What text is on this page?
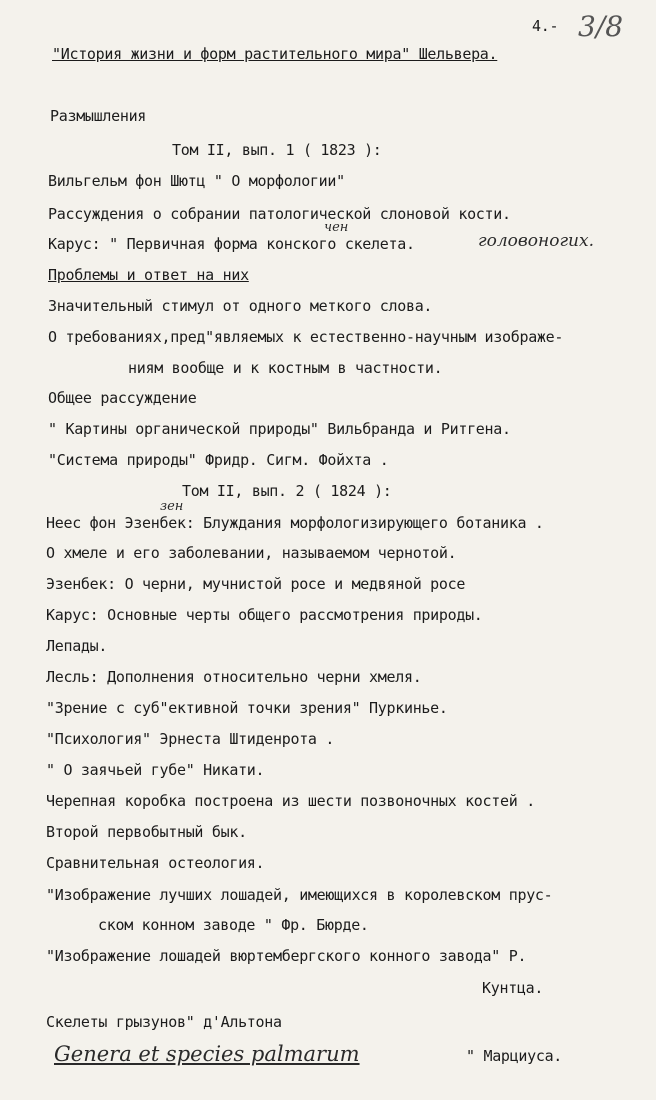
3/8
4.-
"История жизни и форм растительного мира" Шельвера.
Размышления
Том II, вып. 1 ( 1823 ):
Вильгельм фон Шютц " О морфологии"
Рассуждения о собрании патологической слоновой кости.
Карус: " Первичная форма конского скелета.
Проблемы и ответ на них
Значительный стимул от одного меткого слова.
О требованиях,пред"являемых к естественно-научным изображе-
ниям вообще и к костным в частности.
Общее рассуждение
" Картины органической природы" Вильбранда и Ритгена.
"Система природы" Фридр. Сигм. Фойхта .
Том II, вып. 2 ( 1824 ):
Неес фон Эзенбек: Блуждания морфологизирующего ботаника .
О хмеле и его заболевании, называемом чернотой.
Эзенбек: О черни, мучнистой росе и медвяной росе
Карус: Основные черты общего рассмотрения природы.
Лепады.
Лесль: Дополнения относительно черни хмеля.
"Зрение с суб"ективной точки зрения" Пуркинье.
"Психология" Эрнеста Штиденрота .
" О заячьей губе" Никати.
Черепная коробка построена из шести позвоночных костей .
Второй первобытный бык.
Сравнительная остеология.
"Изображение лучших лошадей, имеющихся в королевском прус-
ском конном заводе " Фр. Бюрде.
"Изображение лошадей вюртембергского конного завода" Р.
Кунтца.
Скелеты грызунов" д'Альтона
" Марциуса.
чен
головоногих.
зен
Genera et species palmarum
